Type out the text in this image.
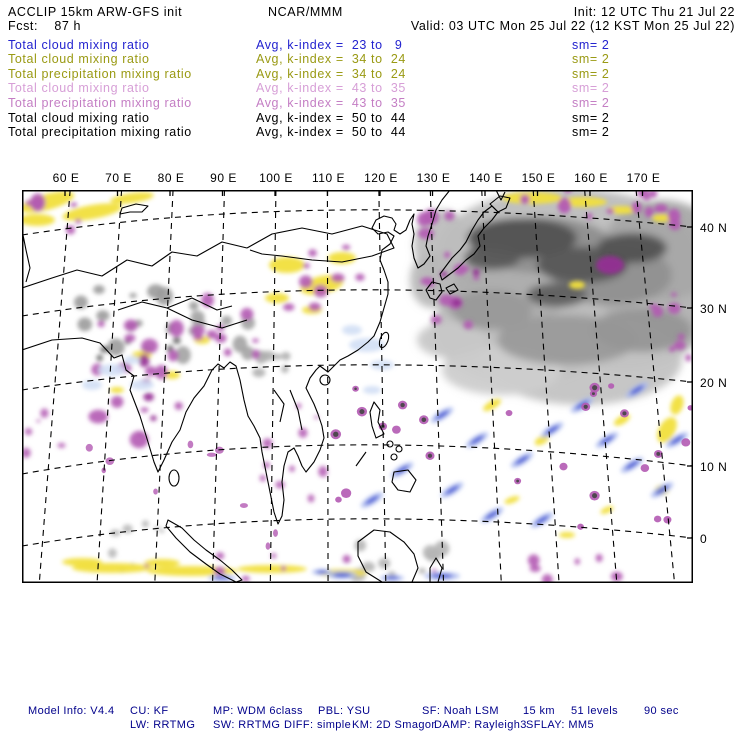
ACCLIP 15km ARW-GFS init	NCAR/MMM	Init: 12 UTC Thu 21 Jul 22
Fcst:    87 h	Valid: 03 UTC Mon 25 Jul 22 (12 KST Mon 25 Jul 22)
Total cloud mixing ratio	Avg, k-index =  23 to   9	sm= 2
Total cloud mixing ratio	Avg, k-index =  34 to  24	sm= 2
Total precipitation mixing ratio	Avg, k-index =  34 to  24	sm= 2
Total cloud mixing ratio	Avg, k-index =  43 to  35	sm= 2
Total precipitation mixing ratio	Avg, k-index =  43 to  35	sm= 2
Total cloud mixing ratio	Avg, k-index =  50 to  44	sm= 2
Total precipitation mixing ratio	Avg, k-index =  50 to  44	sm= 2
60 E	70 E	80 E	90 E	100 E 110 E 120 E 130 E 140 E 150 E 160 E 170 E
40 N
30 N
20 N
10 N
0
Model Info: V4.4 CU: KF	MP: WDM 6class PBL: YSU	SF: Noah LSM 15 km 51 levels 90 sec
LW: RRTMG SW: RRTMG DIFF: simple KM: 2D Smagor
DAMP: Rayleigh3 SFLAY: MM5
